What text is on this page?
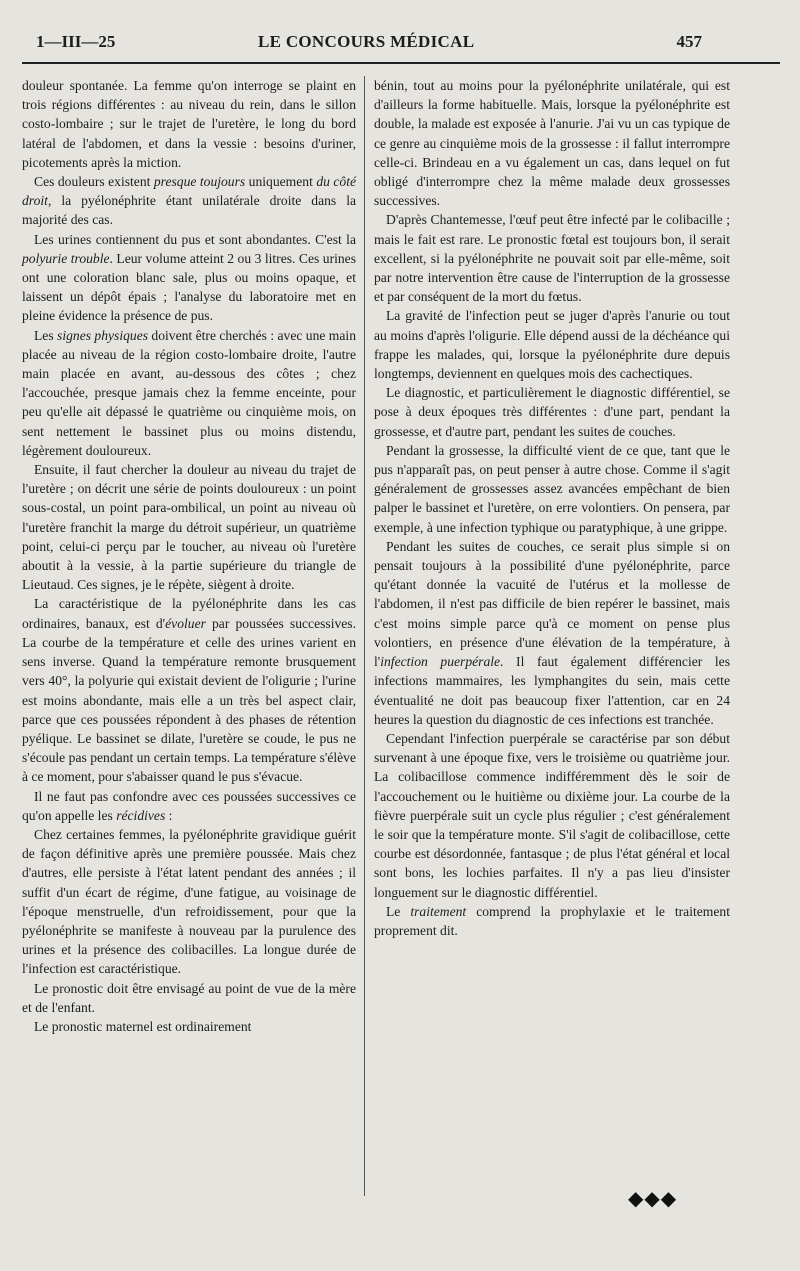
1—III—25	LE CONCOURS MÉDICAL	457

douleur spontanée. La femme qu'on interroge se plaint en trois régions différentes : au niveau du rein, dans le sillon costo-lombaire ; sur le trajet de l'uretère, le long du bord latéral de l'abdomen, et dans la vessie : besoins d'uriner, picotements après la miction.

Ces douleurs existent presque toujours uniquement du côté droit, la pyélonéphrite étant unilatérale droite dans la majorité des cas.

Les urines contiennent du pus et sont abondantes. C'est la polyurie trouble. Leur volume atteint 2 ou 3 litres. Ces urines ont une coloration blanc sale, plus ou moins opaque, et laissent un dépôt épais ; l'analyse du laboratoire met en pleine évidence la présence de pus.

Les signes physiques doivent être cherchés : avec une main placée au niveau de la région costo-lombaire droite, l'autre main placée en avant, au-dessous des côtes ; chez l'accouchée, presque jamais chez la femme enceinte, pour peu qu'elle ait dépassé le quatrième ou cinquième mois, on sent nettement le bassinet plus ou moins distendu, légèrement douloureux.

Ensuite, il faut chercher la douleur au niveau du trajet de l'uretère ; on décrit une série de points douloureux : un point sous-costal, un point para-ombilical, un point au niveau où l'uretère franchit la marge du détroit supérieur, un quatrième point, celui-ci perçu par le toucher, au niveau où l'uretère aboutit à la vessie, à la partie supérieure du triangle de Lieutaud. Ces signes, je le répète, siègent à droite.

La caractéristique de la pyélonéphrite dans les cas ordinaires, banaux, est d'évoluer par poussées successives. La courbe de la température et celle des urines varient en sens inverse. Quand la température remonte brusquement vers 40°, la polyurie qui existait devient de l'oligurie ; l'urine est moins abondante, mais elle a un très bel aspect clair, parce que ces poussées répondent à des phases de rétention pyélique. Le bassinet se dilate, l'uretère se coude, le pus ne s'écoule pas pendant un certain temps. La température s'élève à ce moment, pour s'abaisser quand le pus s'évacue.

Il ne faut pas confondre avec ces poussées successives ce qu'on appelle les récidives :

Chez certaines femmes, la pyélonéphrite gravidique guérit de façon définitive après une première poussée. Mais chez d'autres, elle persiste à l'état latent pendant des années ; il suffit d'un écart de régime, d'une fatigue, au voisinage de l'époque menstruelle, d'un refroidissement, pour que la pyélonéphrite se manifeste à nouveau par la purulence des urines et la présence des colibacilles. La longue durée de l'infection est caractéristique.

Le pronostic doit être envisagé au point de vue de la mère et de l'enfant.

Le pronostic maternel est ordinairement

bénin, tout au moins pour la pyélonéphrite unilatérale, qui est d'ailleurs la forme habituelle. Mais, lorsque la pyélonéphrite est double, la malade est exposée à l'anurie. J'ai vu un cas typique de ce genre au cinquième mois de la grossesse : il fallut interrompre celle-ci. Brindeau en a vu également un cas, dans lequel on fut obligé d'interrompre chez la même malade deux grossesses successives.

D'après Chantemesse, l'œuf peut être infecté par le colibacille ; mais le fait est rare. Le pronostic fœtal est toujours bon, il serait excellent, si la pyélonéphrite ne pouvait soit par elle-même, soit par notre intervention être cause de l'interruption de la grossesse et par conséquent de la mort du fœtus.

La gravité de l'infection peut se juger d'après l'anurie ou tout au moins d'après l'oligurie. Elle dépend aussi de la déchéance qui frappe les malades, qui, lorsque la pyélonéphrite dure depuis longtemps, deviennent en quelques mois des cachectiques.

Le diagnostic, et particulièrement le diagnostic différentiel, se pose à deux époques très différentes : d'une part, pendant la grossesse, et d'autre part, pendant les suites de couches.

Pendant la grossesse, la difficulté vient de ce que, tant que le pus n'apparaît pas, on peut penser à autre chose. Comme il s'agit généralement de grossesses assez avancées empêchant de bien palper le bassinet et l'uretère, on erre volontiers. On pensera, par exemple, à une infection typhique ou paratyphique, à une grippe.

Pendant les suites de couches, ce serait plus simple si on pensait toujours à la possibilité d'une pyélonéphrite, parce qu'étant donnée la vacuité de l'utérus et la mollesse de l'abdomen, il n'est pas difficile de bien repérer le bassinet, mais c'est moins simple parce qu'à ce moment on pense plus volontiers, en présence d'une élévation de la température, à l'infection puerpérale. Il faut également différencier les infections mammaires, les lymphangites du sein, mais cette éventualité ne doit pas beaucoup fixer l'attention, car en 24 heures la question du diagnostic de ces infections est tranchée.

Cependant l'infection puerpérale se caractérise par son début survenant à une époque fixe, vers le troisième ou quatrième jour. La colibacillose commence indifféremment dès le soir de l'accouchement ou le huitième ou dixième jour. La courbe de la fièvre puerpérale suit un cycle plus régulier ; c'est généralement le soir que la température monte. S'il s'agit de colibacillose, cette courbe est désordonnée, fantasque ; de plus l'état général et local sont bons, les lochies parfaites. Il n'y a pas lieu d'insister longuement sur le diagnostic différentiel.

Le traitement comprend la prophylaxie et le traitement proprement dit.

◆◆◆
